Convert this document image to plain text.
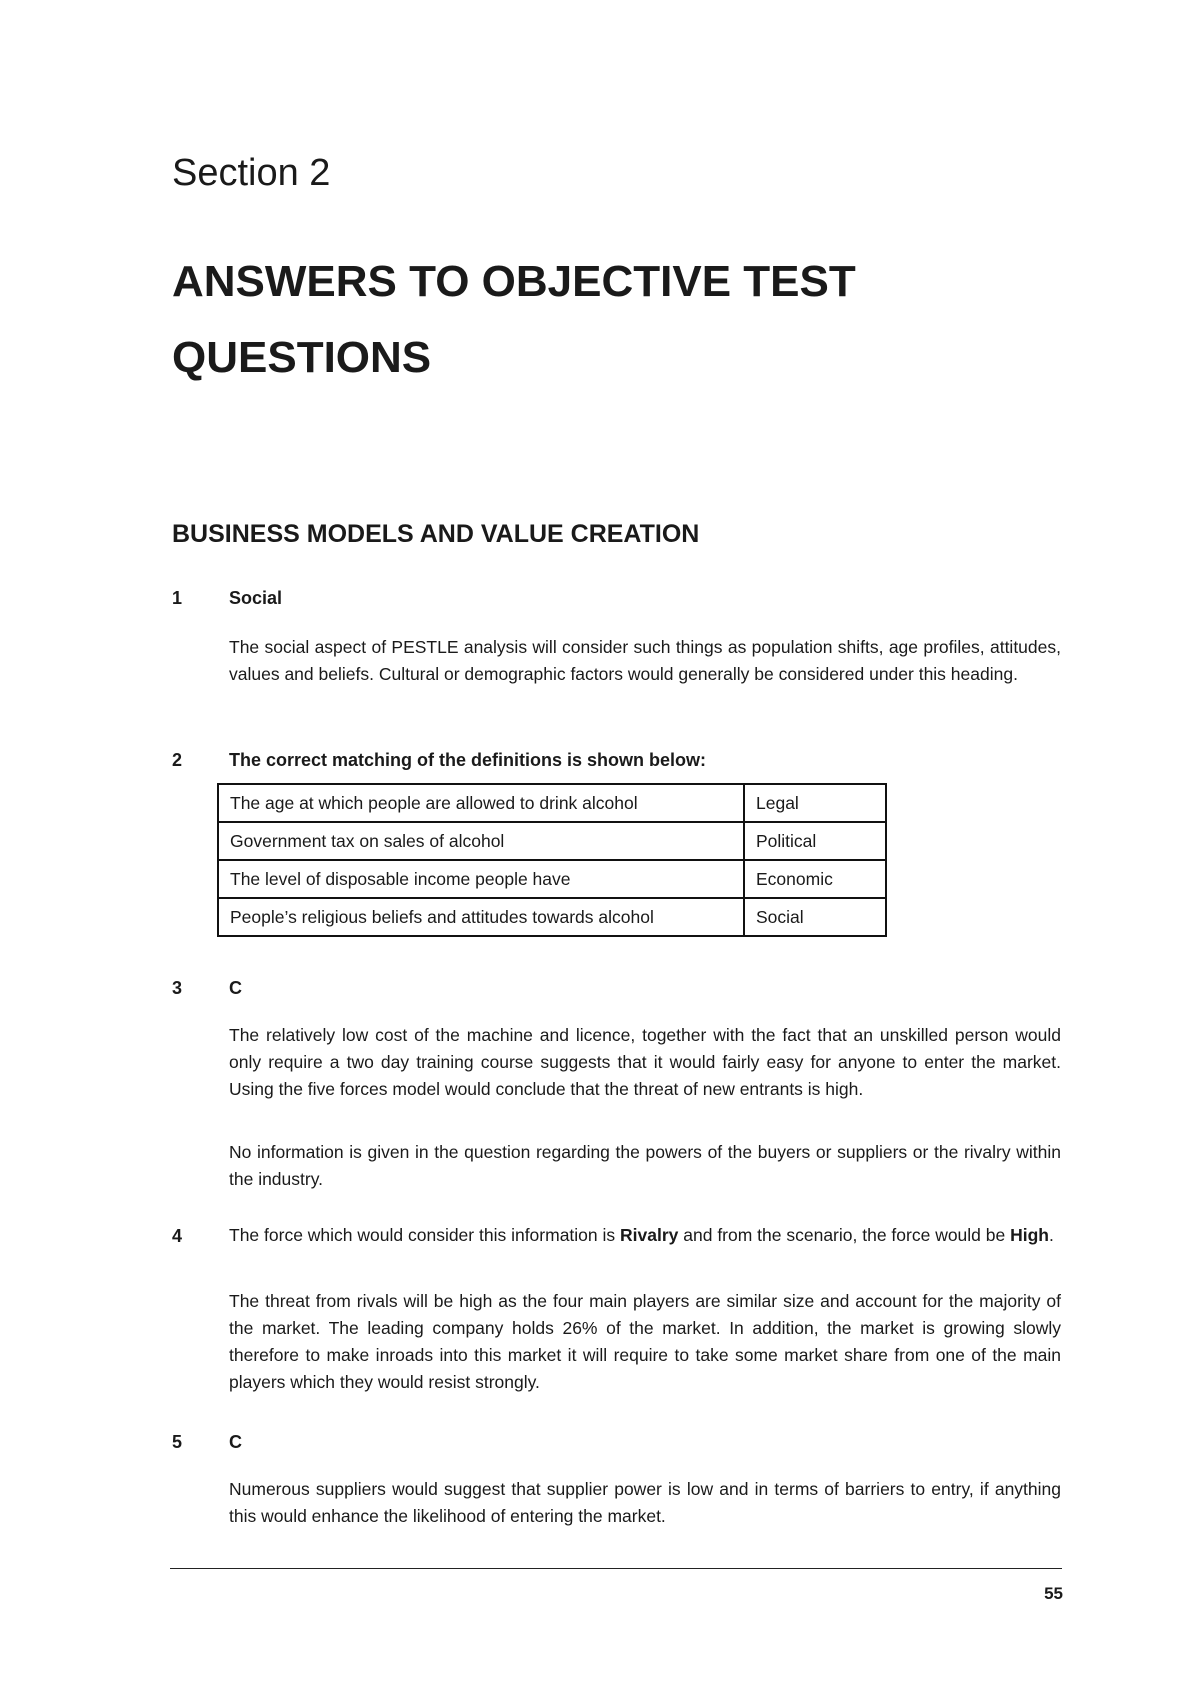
Section 2
ANSWERS TO OBJECTIVE TEST QUESTIONS
BUSINESS MODELS AND VALUE CREATION
1	Social

The social aspect of PESTLE analysis will consider such things as population shifts, age profiles, attitudes, values and beliefs. Cultural or demographic factors would generally be considered under this heading.

2	The correct matching of the definitions is shown below:
The age at which people are allowed to drink alcohol	Legal
Government tax on sales of alcohol	Political
The level of disposable income people have	Economic
People’s religious beliefs and attitudes towards alcohol	Social
3	C

The relatively low cost of the machine and licence, together with the fact that an unskilled person would only require a two day training course suggests that it would fairly easy for anyone to enter the market. Using the five forces model would conclude that the threat of new entrants is high.

No information is given in the question regarding the powers of the buyers or suppliers or the rivalry within the industry.

4	The force which would consider this information is Rivalry and from the scenario, the force would be High.

The threat from rivals will be high as the four main players are similar size and account for the majority of the market. The leading company holds 26% of the market. In addition, the market is growing slowly therefore to make inroads into this market it will require to take some market share from one of the main players which they would resist strongly.

5	C

Numerous suppliers would suggest that supplier power is low and in terms of barriers to entry, if anything this would enhance the likelihood of entering the market.

55
